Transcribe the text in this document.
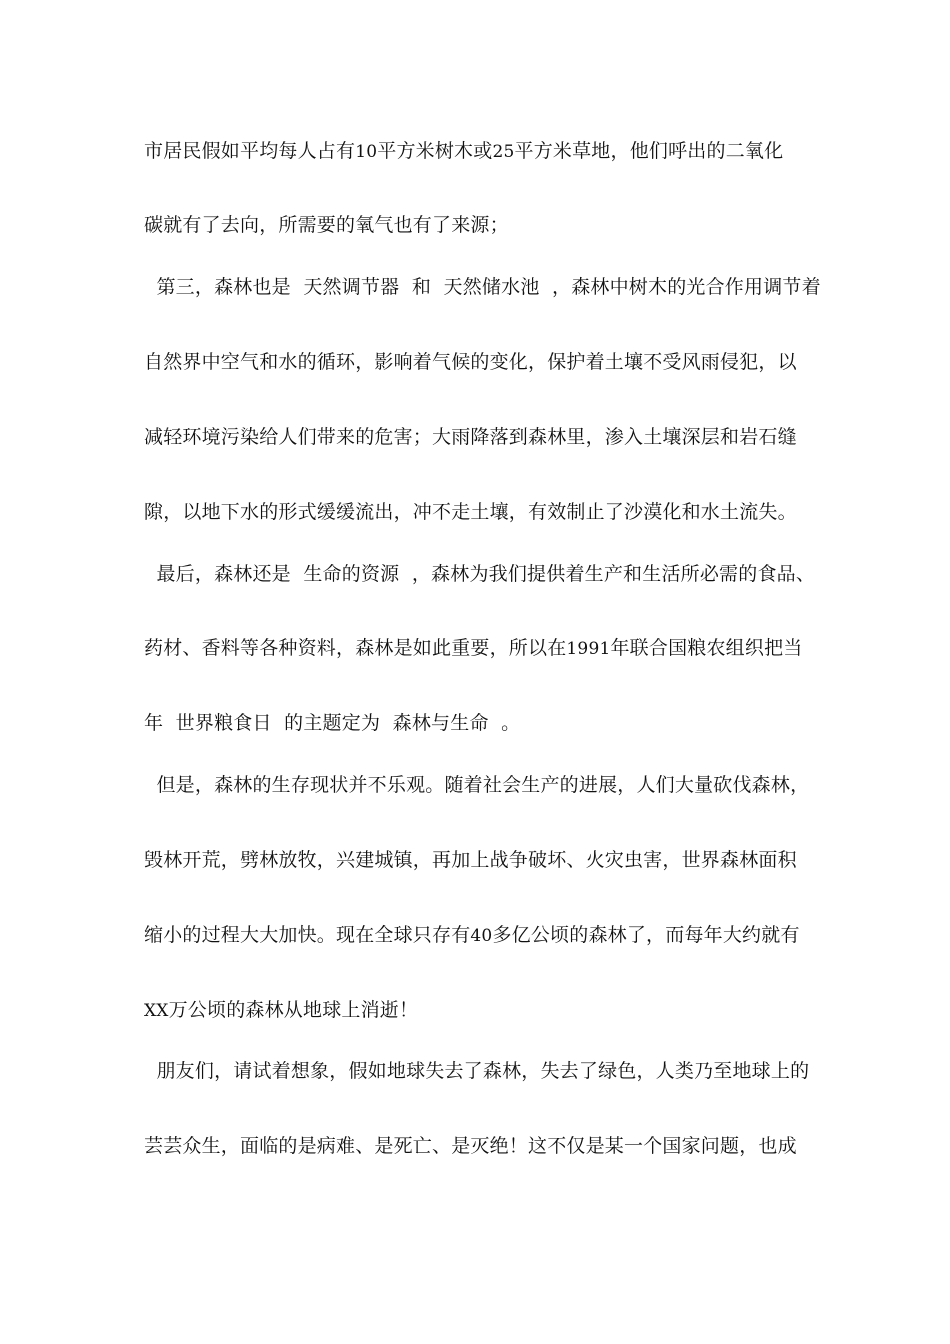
市居民假如平均每人占有10平方米树木或25平方米草地，他们呼出的二氧化
碳就有了去向，所需要的氧气也有了来源；
第三，森林也是  天然调节器  和  天然储水池  ，森林中树木的光合作用调节着
自然界中空气和水的循环，影响着气候的变化，保护着土壤不受风雨侵犯，以
减轻环境污染给人们带来的危害；大雨降落到森林里，渗入土壤深层和岩石缝
隙，以地下水的形式缓缓流出，冲不走土壤，有效制止了沙漠化和水土流失。
最后，森林还是  生命的资源  ，森林为我们提供着生产和生活所必需的食品、
药材、香料等各种资料，森林是如此重要，所以在1991年联合国粮农组织把当
年  世界粮食日  的主题定为  森林与生命  。
但是，森林的生存现状并不乐观。随着社会生产的进展，人们大量砍伐森林，
毁林开荒，劈林放牧，兴建城镇，再加上战争破坏、火灾虫害，世界森林面积
缩小的过程大大加快。现在全球只存有40多亿公顷的森林了，而每年大约就有
XX万公顷的森林从地球上消逝！
朋友们，请试着想象，假如地球失去了森林，失去了绿色，人类乃至地球上的
芸芸众生，面临的是病难、是死亡、是灭绝！这不仅是某一个国家问题，也成
